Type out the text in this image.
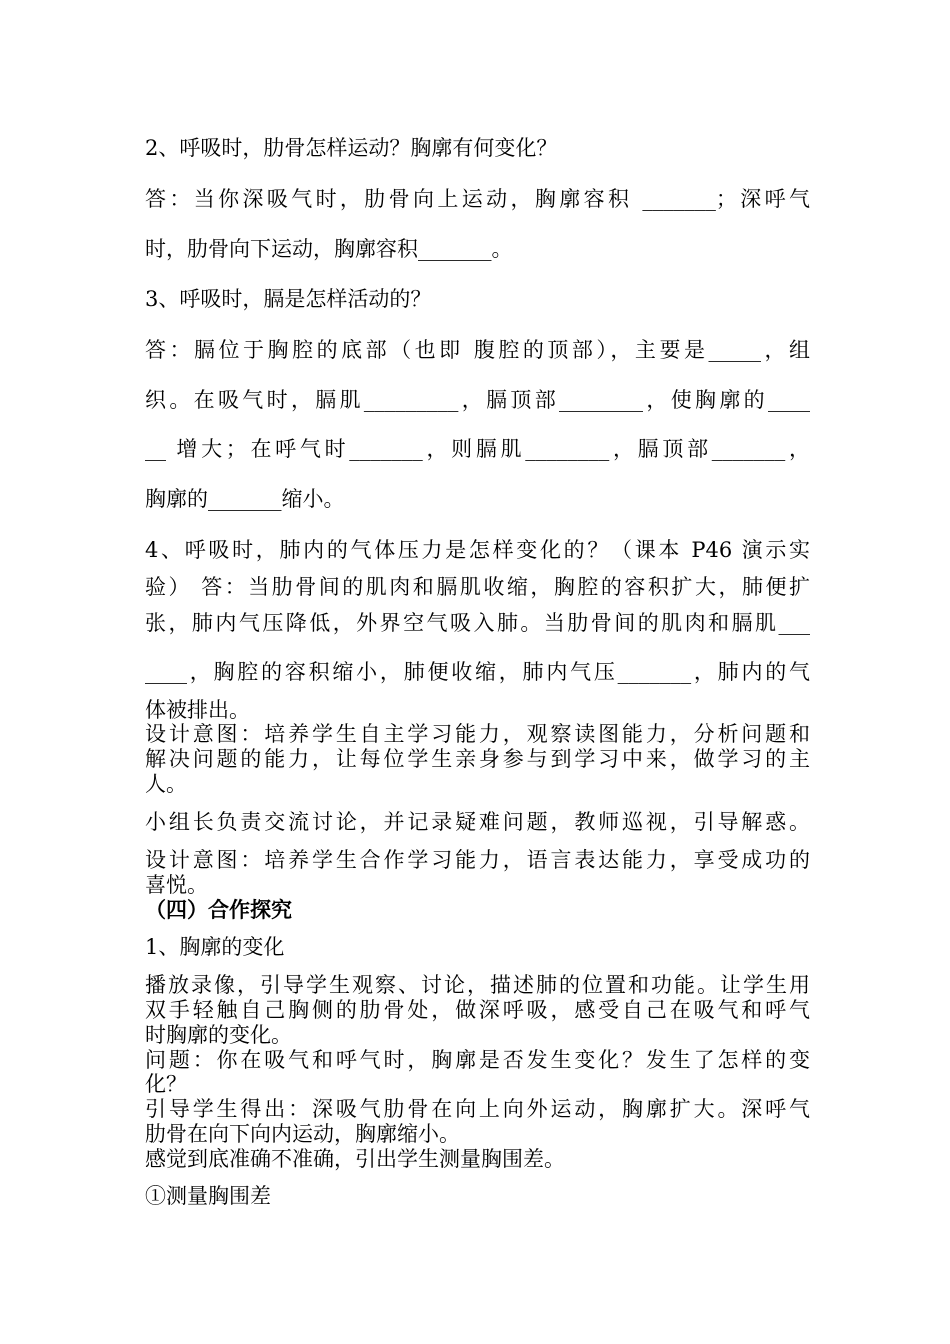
2、呼吸时，肋骨怎样运动？胸廓有何变化？
答：当你深吸气时，肋骨向上运动，胸廓容积 _______；深呼气
时，肋骨向下运动，胸廓容积_______。
3、呼吸时，膈是怎样活动的？
答：膈位于胸腔的底部（也即 腹腔的顶部），主要是_____，组
织。在吸气时，膈肌_________，膈顶部________，使胸廓的____
__ 增大；在呼气时_______，则膈肌________，膈顶部_______，
胸廓的_______缩小。
4、呼吸时，肺内的气体压力是怎样变化的？（课本 P46 演示实
验） 答：当肋骨间的肌肉和膈肌收缩，胸腔的容积扩大，肺便扩
张，肺内气压降低，外界空气吸入肺。当肋骨间的肌肉和膈肌___
____，胸腔的容积缩小，肺便收缩，肺内气压_______，肺内的气
体被排出。
设计意图：培养学生自主学习能力，观察读图能力，分析问题和
解决问题的能力，让每位学生亲身参与到学习中来，做学习的主
人。
小组长负责交流讨论，并记录疑难问题，教师巡视，引导解惑。
设计意图：培养学生合作学习能力，语言表达能力，享受成功的
喜悦。
（四）合作探究
1、胸廓的变化
播放录像，引导学生观察、讨论，描述肺的位置和功能。让学生用
双手轻触自己胸侧的肋骨处，做深呼吸，感受自己在吸气和呼气
时胸廓的变化。
问题：你在吸气和呼气时，胸廓是否发生变化？发生了怎样的变
化？
引导学生得出：深吸气肋骨在向上向外运动，胸廓扩大。深呼气
肋骨在向下向内运动，胸廓缩小。
感觉到底准确不准确，引出学生测量胸围差。
①测量胸围差
